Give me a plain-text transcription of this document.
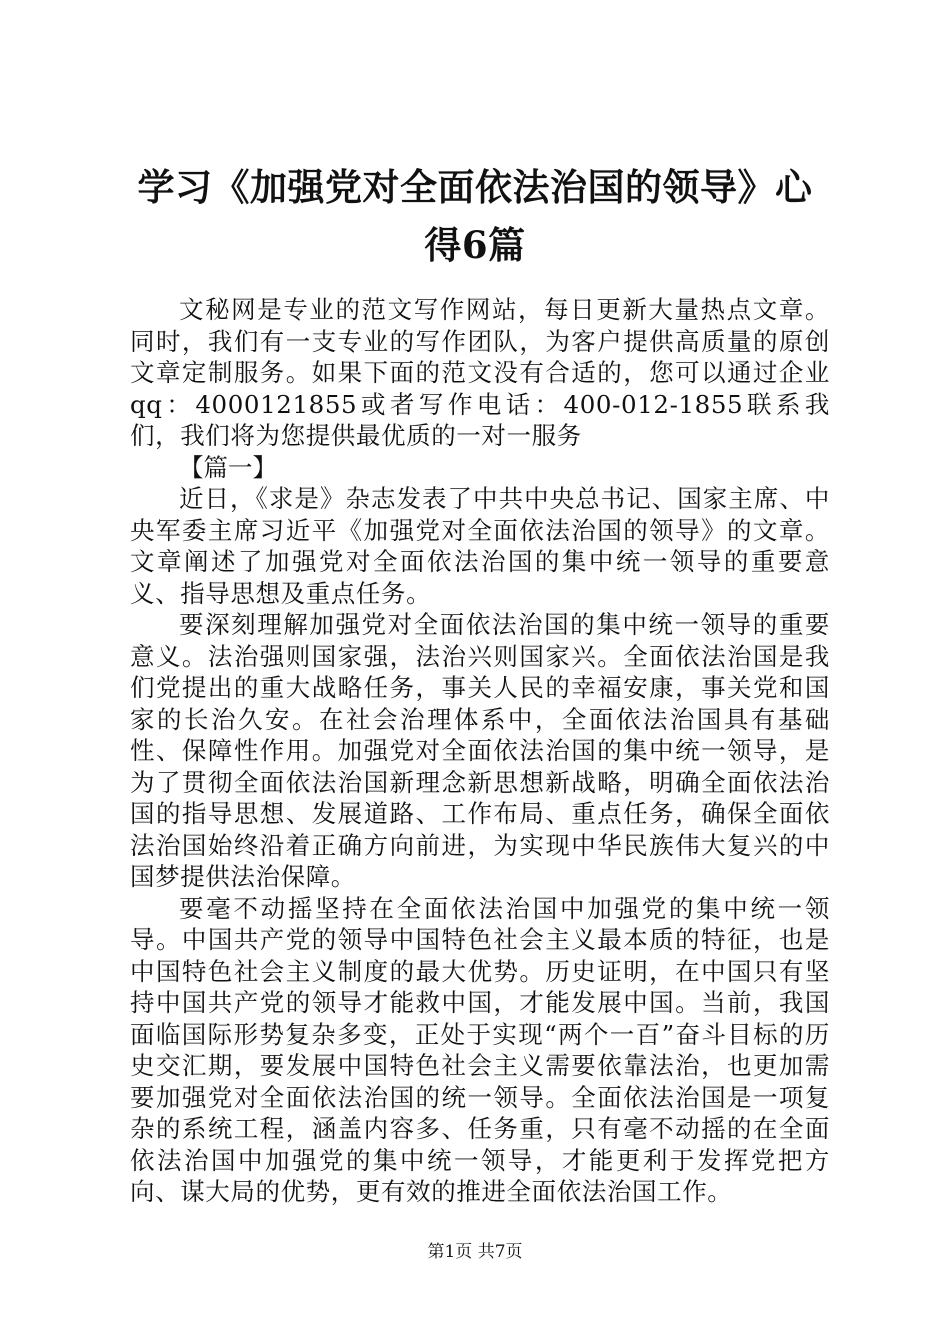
学习《加强党对全面依法治国的领导》心得6篇

文秘网是专业的范文写作网站，每日更新大量热点文章。同时，我们有一支专业的写作团队，为客户提供高质量的原创文章定制服务。如果下面的范文没有合适的，您可以通过企业qq：4000121855或者写作电话：400-012-1855联系我们，我们将为您提供最优质的一对一服务

【篇一】

近日，《求是》杂志发表了中共中央总书记、国家主席、中央军委主席习近平《加强党对全面依法治国的领导》的文章。文章阐述了加强党对全面依法治国的集中统一领导的重要意义、指导思想及重点任务。

要深刻理解加强党对全面依法治国的集中统一领导的重要意义。法治强则国家强，法治兴则国家兴。全面依法治国是我们党提出的重大战略任务，事关人民的幸福安康，事关党和国家的长治久安。在社会治理体系中，全面依法治国具有基础性、保障性作用。加强党对全面依法治国的集中统一领导，是为了贯彻全面依法治国新理念新思想新战略，明确全面依法治国的指导思想、发展道路、工作布局、重点任务，确保全面依法治国始终沿着正确方向前进，为实现中华民族伟大复兴的中国梦提供法治保障。

要毫不动摇坚持在全面依法治国中加强党的集中统一领导。中国共产党的领导中国特色社会主义最本质的特征，也是中国特色社会主义制度的最大优势。历史证明，在中国只有坚持中国共产党的领导才能救中国，才能发展中国。当前，我国面临国际形势复杂多变，正处于实现“两个一百”奋斗目标的历史交汇期，要发展中国特色社会主义需要依靠法治，也更加需要加强党对全面依法治国的统一领导。全面依法治国是一项复杂的系统工程，涵盖内容多、任务重，只有毫不动摇的在全面依法治国中加强党的集中统一领导，才能更利于发挥党把方向、谋大局的优势，更有效的推进全面依法治国工作。

第1页 共7页
